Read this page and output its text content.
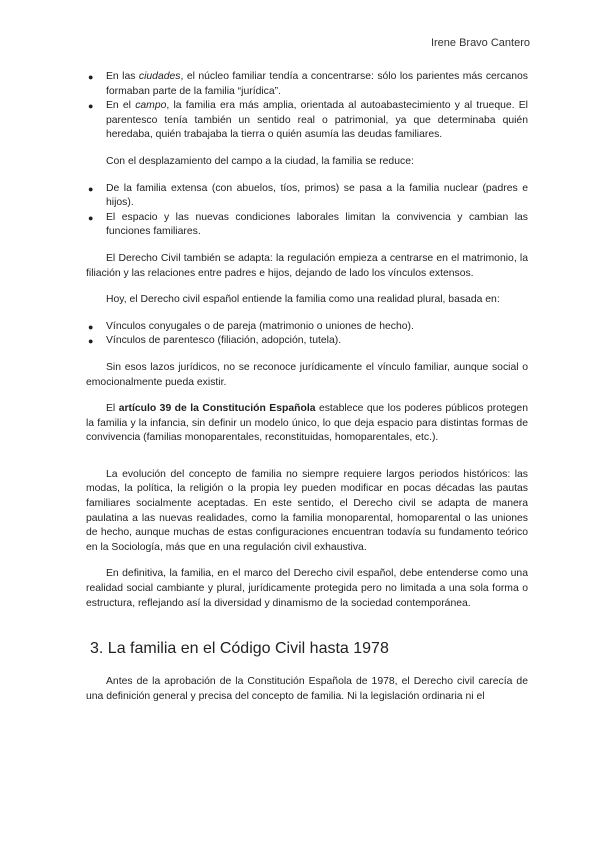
Irene Bravo Cantero
● En las ciudades, el núcleo familiar tendía a concentrarse: sólo los parientes más cercanos formaban parte de la familia “jurídica”.
● En el campo, la familia era más amplia, orientada al autoabastecimiento y al trueque. El parentesco tenía también un sentido real o patrimonial, ya que determinaba quién heredaba, quién trabajaba la tierra o quién asumía las deudas familiares.

Con el desplazamiento del campo a la ciudad, la familia se reduce:

● De la familia extensa (con abuelos, tíos, primos) se pasa a la familia nuclear (padres e hijos).
● El espacio y las nuevas condiciones laborales limitan la convivencia y cambian las funciones familiares.

El Derecho Civil también se adapta: la regulación empieza a centrarse en el matrimonio, la filiación y las relaciones entre padres e hijos, dejando de lado los vínculos extensos.

Hoy, el Derecho civil español entiende la familia como una realidad plural, basada en:

● Vínculos conyugales o de pareja (matrimonio o uniones de hecho).
● Vínculos de parentesco (filiación, adopción, tutela).

Sin esos lazos jurídicos, no se reconoce jurídicamente el vínculo familiar, aunque social o emocionalmente pueda existir.

El artículo 39 de la Constitución Española establece que los poderes públicos protegen la familia y la infancia, sin definir un modelo único, lo que deja espacio para distintas formas de convivencia (familias monoparentales, reconstituidas, homoparentales, etc.).

La evolución del concepto de familia no siempre requiere largos periodos históricos: las modas, la política, la religión o la propia ley pueden modificar en pocas décadas las pautas familiares socialmente aceptadas. En este sentido, el Derecho civil se adapta de manera paulatina a las nuevas realidades, como la familia monoparental, homoparental o las uniones de hecho, aunque muchas de estas configuraciones encuentran todavía su fundamento teórico en la Sociología, más que en una regulación civil exhaustiva.

En definitiva, la familia, en el marco del Derecho civil español, debe entenderse como una realidad social cambiante y plural, jurídicamente protegida pero no limitada a una sola forma o estructura, reflejando así la diversidad y dinamismo de la sociedad contemporánea.

3. La familia en el Código Civil hasta 1978

Antes de la aprobación de la Constitución Española de 1978, el Derecho civil carecía de una definición general y precisa del concepto de familia. Ni la legislación ordinaria ni el
